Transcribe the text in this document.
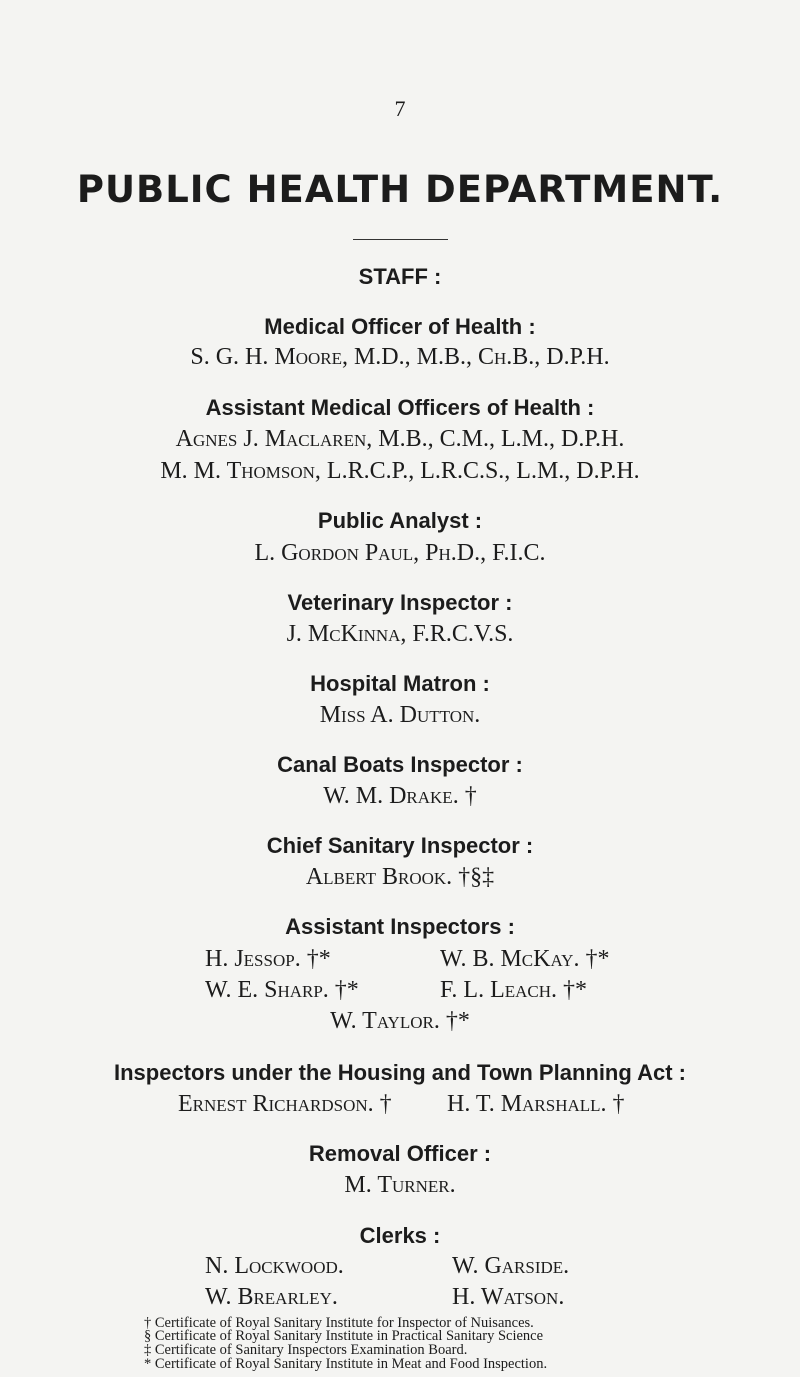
7
PUBLIC HEALTH DEPARTMENT.
STAFF :
Medical Officer of Health :
S. G. H. Moore, M.D., M.B., Ch.B., D.P.H.
Assistant Medical Officers of Health :
Agnes J. Maclaren, M.B., C.M., L.M., D.P.H.
M. M. Thomson, L.R.C.P., L.R.C.S., L.M., D.P.H.
Public Analyst :
L. Gordon Paul, Ph.D., F.I.C.
Veterinary Inspector :
J. McKinna, F.R.C.V.S.
Hospital Matron :
Miss A. Dutton.
Canal Boats Inspector :
W. M. Drake. †
Chief Sanitary Inspector :
Albert Brook. †§‡
Assistant Inspectors :
H. Jessop. †*	W. B. McKay. †*
W. E. Sharp. †*	F. L. Leach. †*
W. Taylor. †*
Inspectors under the Housing and Town Planning Act :
Ernest Richardson. † H. T. Marshall. †
Removal Officer :
M. Turner.
Clerks :
N. Lockwood.	W. Garside.
W. Brearley.	H. Watson.
† Certificate of Royal Sanitary Institute for Inspector of Nuisances.
§ Certificate of Royal Sanitary Institute in Practical Sanitary Science
‡ Certificate of Sanitary Inspectors Examination Board.
* Certificate of Royal Sanitary Institute in Meat and Food Inspection.
